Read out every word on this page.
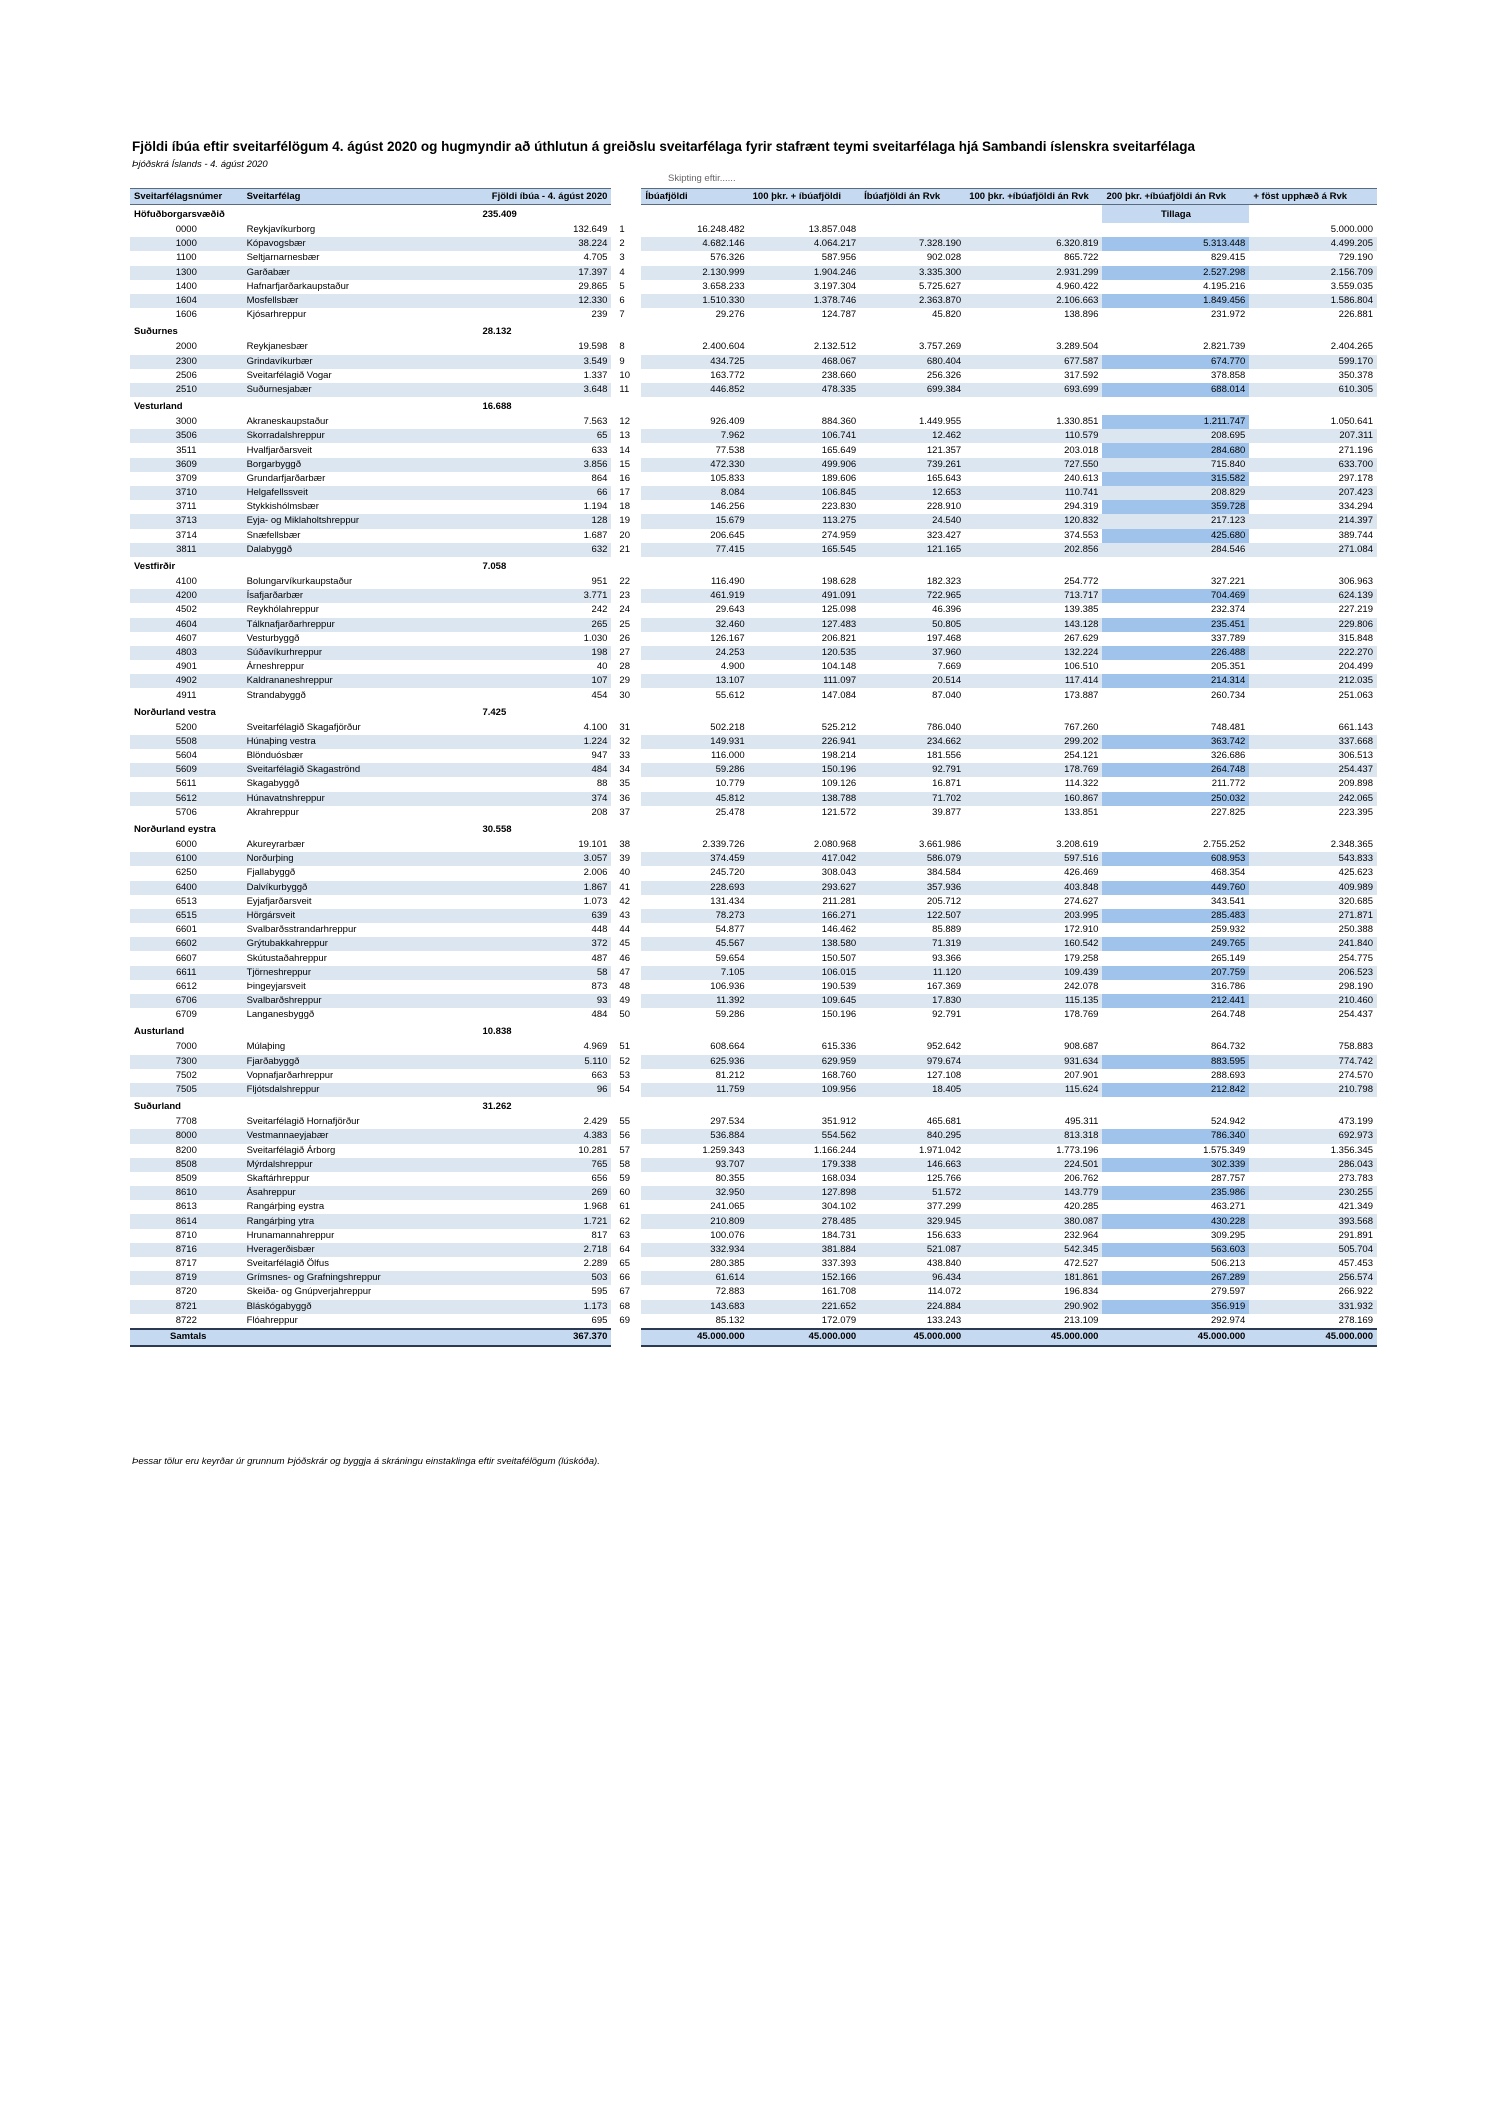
Fjöldi íbúa eftir sveitarfélögum 4. ágúst 2020 og hugmyndir að úthlutun á greiðslu sveitarfélaga fyrir stafrænt teymi sveitarfélaga hjá Sambandi íslenskra sveitarfélaga
Þjóðskrá Íslands - 4. ágúst 2020
Skipting eftir......
Sveitarfélagsnúmer	Sveitarfélag	Fjöldi íbúa - 4. ágúst 2020		Íbúafjöldi	100 þkr. + íbúafjöldi	Íbúafjöldi án Rvk	100 þkr. +íbúafjöldi án Rvk	200 þkr. +íbúafjöldi án Rvk	+ föst upphæð á Rvk
Höfuðborgarsvæðið		235.409						Tillaga	
0000	Reykjavíkurborg	132.649	1	16.248.482	13.857.048				5.000.000
1000	Kópavogsbær	38.224	2	4.682.146	4.064.217	7.328.190	6.320.819	5.313.448	4.499.205
1100	Seltjarnarnesbær	4.705	3	576.326	587.956	902.028	865.722	829.415	729.190
1300	Garðabær	17.397	4	2.130.999	1.904.246	3.335.300	2.931.299	2.527.298	2.156.709
1400	Hafnarfjarðarkaupstaður	29.865	5	3.658.233	3.197.304	5.725.627	4.960.422	4.195.216	3.559.035
1604	Mosfellsbær	12.330	6	1.510.330	1.378.746	2.363.870	2.106.663	1.849.456	1.586.804
1606	Kjósarhreppur	239	7	29.276	124.787	45.820	138.896	231.972	226.881
Suðurnes		28.132							
2000	Reykjanesbær	19.598	8	2.400.604	2.132.512	3.757.269	3.289.504	2.821.739	2.404.265
2300	Grindavíkurbær	3.549	9	434.725	468.067	680.404	677.587	674.770	599.170
2506	Sveitarfélagið Vogar	1.337	10	163.772	238.660	256.326	317.592	378.858	350.378
2510	Suðurnesjabær	3.648	11	446.852	478.335	699.384	693.699	688.014	610.305
Vesturland		16.688							
3000	Akraneskaupstaður	7.563	12	926.409	884.360	1.449.955	1.330.851	1.211.747	1.050.641
3506	Skorradalshreppur	65	13	7.962	106.741	12.462	110.579	208.695	207.311
3511	Hvalfjarðarsveit	633	14	77.538	165.649	121.357	203.018	284.680	271.196
3609	Borgarbyggð	3.856	15	472.330	499.906	739.261	727.550	715.840	633.700
3709	Grundarfjarðarbær	864	16	105.833	189.606	165.643	240.613	315.582	297.178
3710	Helgafellssveit	66	17	8.084	106.845	12.653	110.741	208.829	207.423
3711	Stykkishólmsbær	1.194	18	146.256	223.830	228.910	294.319	359.728	334.294
3713	Eyja- og Miklaholtshreppur	128	19	15.679	113.275	24.540	120.832	217.123	214.397
3714	Snæfellsbær	1.687	20	206.645	274.959	323.427	374.553	425.680	389.744
3811	Dalabyggð	632	21	77.415	165.545	121.165	202.856	284.546	271.084
Vestfirðir		7.058							
4100	Bolungarvíkurkaupstaður	951	22	116.490	198.628	182.323	254.772	327.221	306.963
4200	Ísafjarðarbær	3.771	23	461.919	491.091	722.965	713.717	704.469	624.139
4502	Reykhólahreppur	242	24	29.643	125.098	46.396	139.385	232.374	227.219
4604	Tálknafjarðarhreppur	265	25	32.460	127.483	50.805	143.128	235.451	229.806
4607	Vesturbyggð	1.030	26	126.167	206.821	197.468	267.629	337.789	315.848
4803	Súðavíkurhreppur	198	27	24.253	120.535	37.960	132.224	226.488	222.270
4901	Árneshreppur	40	28	4.900	104.148	7.669	106.510	205.351	204.499
4902	Kaldrananeshreppur	107	29	13.107	111.097	20.514	117.414	214.314	212.035
4911	Strandabyggð	454	30	55.612	147.084	87.040	173.887	260.734	251.063
Norðurland vestra		7.425							
5200	Sveitarfélagið Skagafjörður	4.100	31	502.218	525.212	786.040	767.260	748.481	661.143
5508	Húnaþing vestra	1.224	32	149.931	226.941	234.662	299.202	363.742	337.668
5604	Blönduósbær	947	33	116.000	198.214	181.556	254.121	326.686	306.513
5609	Sveitarfélagið Skagaströnd	484	34	59.286	150.196	92.791	178.769	264.748	254.437
5611	Skagabyggð	88	35	10.779	109.126	16.871	114.322	211.772	209.898
5612	Húnavatnshreppur	374	36	45.812	138.788	71.702	160.867	250.032	242.065
5706	Akrahreppur	208	37	25.478	121.572	39.877	133.851	227.825	223.395
Norðurland eystra		30.558							
6000	Akureyrarbær	19.101	38	2.339.726	2.080.968	3.661.986	3.208.619	2.755.252	2.348.365
6100	Norðurþing	3.057	39	374.459	417.042	586.079	597.516	608.953	543.833
6250	Fjallabyggð	2.006	40	245.720	308.043	384.584	426.469	468.354	425.623
6400	Dalvíkurbyggð	1.867	41	228.693	293.627	357.936	403.848	449.760	409.989
6513	Eyjafjarðarsveit	1.073	42	131.434	211.281	205.712	274.627	343.541	320.685
6515	Hörgársveit	639	43	78.273	166.271	122.507	203.995	285.483	271.871
6601	Svalbarðsstrandarhreppur	448	44	54.877	146.462	85.889	172.910	259.932	250.388
6602	Grýtubakkahreppur	372	45	45.567	138.580	71.319	160.542	249.765	241.840
6607	Skútustaðahreppur	487	46	59.654	150.507	93.366	179.258	265.149	254.775
6611	Tjörneshreppur	58	47	7.105	106.015	11.120	109.439	207.759	206.523
6612	Þingeyjarsveit	873	48	106.936	190.539	167.369	242.078	316.786	298.190
6706	Svalbarðshreppur	93	49	11.392	109.645	17.830	115.135	212.441	210.460
6709	Langanesbyggð	484	50	59.286	150.196	92.791	178.769	264.748	254.437
Austurland		10.838							
7000	Múlaþing	4.969	51	608.664	615.336	952.642	908.687	864.732	758.883
7300	Fjarðabyggð	5.110	52	625.936	629.959	979.674	931.634	883.595	774.742
7502	Vopnafjarðarhreppur	663	53	81.212	168.760	127.108	207.901	288.693	274.570
7505	Fljótsdalshreppur	96	54	11.759	109.956	18.405	115.624	212.842	210.798
Suðurland		31.262							
7708	Sveitarfélagið Hornafjörður	2.429	55	297.534	351.912	465.681	495.311	524.942	473.199
8000	Vestmannaeyjabær	4.383	56	536.884	554.562	840.295	813.318	786.340	692.973
8200	Sveitarfélagið Árborg	10.281	57	1.259.343	1.166.244	1.971.042	1.773.196	1.575.349	1.356.345
8508	Mýrdalshreppur	765	58	93.707	179.338	146.663	224.501	302.339	286.043
8509	Skaftárhreppur	656	59	80.355	168.034	125.766	206.762	287.757	273.783
8610	Ásahreppur	269	60	32.950	127.898	51.572	143.779	235.986	230.255
8613	Rangárþing eystra	1.968	61	241.065	304.102	377.299	420.285	463.271	421.349
8614	Rangárþing ytra	1.721	62	210.809	278.485	329.945	380.087	430.228	393.568
8710	Hrunamannahreppur	817	63	100.076	184.731	156.633	232.964	309.295	291.891
8716	Hveragerðisbær	2.718	64	332.934	381.884	521.087	542.345	563.603	505.704
8717	Sveitarfélagið Ölfus	2.289	65	280.385	337.393	438.840	472.527	506.213	457.453
8719	Grímsnes- og Grafningshreppur	503	66	61.614	152.166	96.434	181.861	267.289	256.574
8720	Skeiða- og Gnúpverjahreppur	595	67	72.883	161.708	114.072	196.834	279.597	266.922
8721	Bláskógabyggð	1.173	68	143.683	221.652	224.884	290.902	356.919	331.932
8722	Flóahreppur	695	69	85.132	172.079	133.243	213.109	292.974	278.169
Samtals		367.370		45.000.000	45.000.000	45.000.000	45.000.000	45.000.000	45.000.000
Þessar tölur eru keyrðar úr grunnum Þjóðskrár og byggja á skráningu einstaklinga eftir sveitafélögum (lúskóða).
